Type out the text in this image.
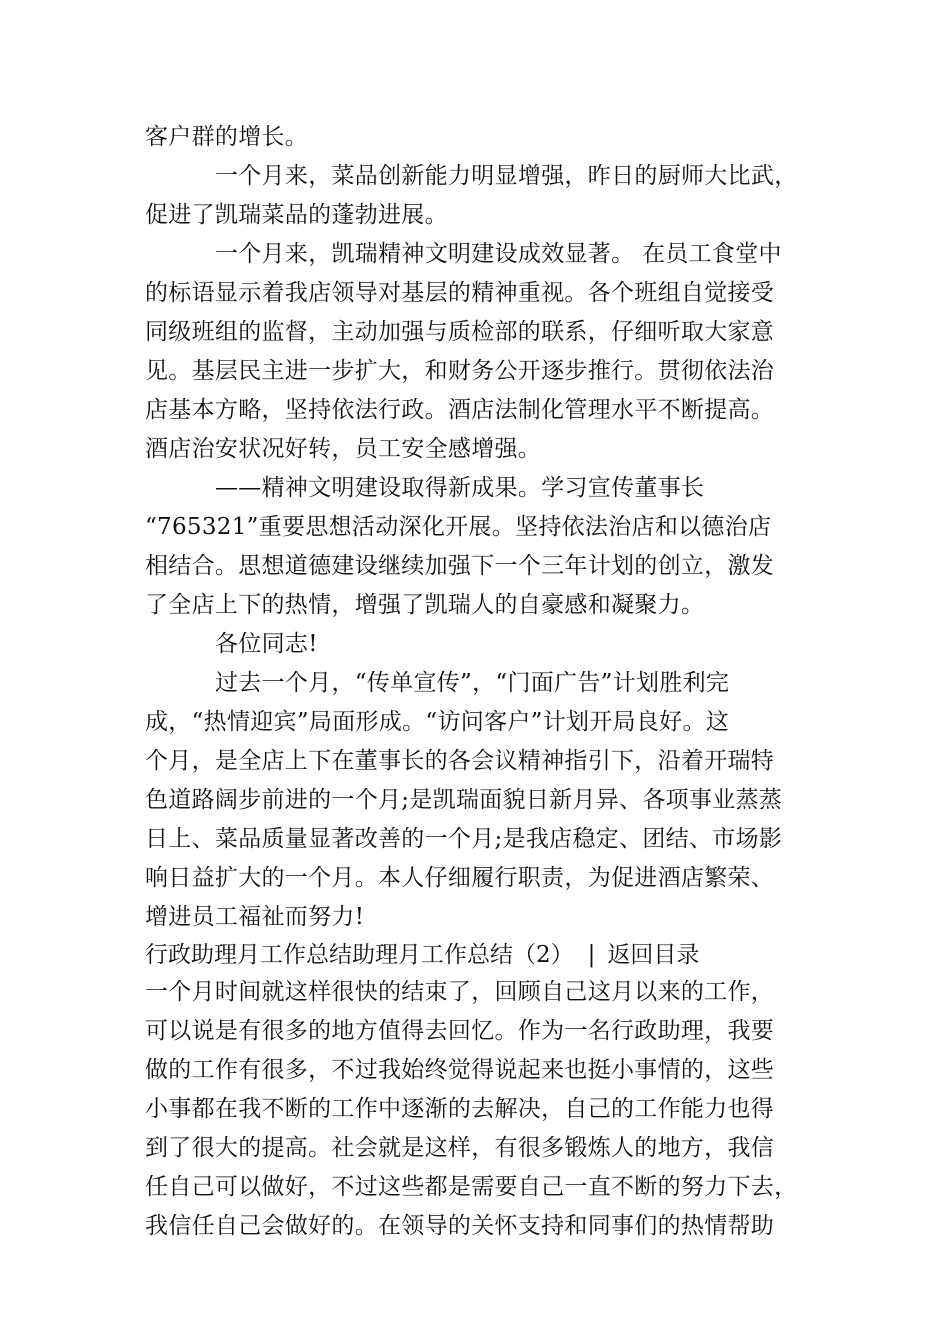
客户群的增长。
一个月来，菜品创新能力明显增强，昨日的厨师大比武，
促进了凯瑞菜品的蓬勃进展。
一个月来，凯瑞精神文明建设成效显著。 在员工食堂中
的标语显示着我店领导对基层的精神重视。各个班组自觉接受
同级班组的监督，主动加强与质检部的联系，仔细听取大家意
见。基层民主进一步扩大，和财务公开逐步推行。贯彻依法治
店基本方略，坚持依法行政。酒店法制化管理水平不断提高。
酒店治安状况好转，员工安全感增强。
——精神文明建设取得新成果。学习宣传董事长
“765321”重要思想活动深化开展。坚持依法治店和以德治店
相结合。思想道德建设继续加强下一个三年计划的创立，激发
了全店上下的热情，增强了凯瑞人的自豪感和凝聚力。
各位同志!
过去一个月，“传单宣传”，“门面广告”计划胜利完
成，“热情迎宾”局面形成。“访问客户”计划开局良好。这
个月，是全店上下在董事长的各会议精神指引下，沿着开瑞特
色道路阔步前进的一个月;是凯瑞面貌日新月异、各项事业蒸蒸
日上、菜品质量显著改善的一个月;是我店稳定、团结、市场影
响日益扩大的一个月。本人仔细履行职责，为促进酒店繁荣、
增进员工福祉而努力!
行政助理月工作总结助理月工作总结（2） | 返回目录
一个月时间就这样很快的结束了，回顾自己这月以来的工作，
可以说是有很多的地方值得去回忆。作为一名行政助理，我要
做的工作有很多，不过我始终觉得说起来也挺小事情的，这些
小事都在我不断的工作中逐渐的去解决，自己的工作能力也得
到了很大的提高。社会就是这样，有很多锻炼人的地方，我信
任自己可以做好，不过这些都是需要自己一直不断的努力下去，
我信任自己会做好的。在领导的关怀支持和同事们的热情帮助
